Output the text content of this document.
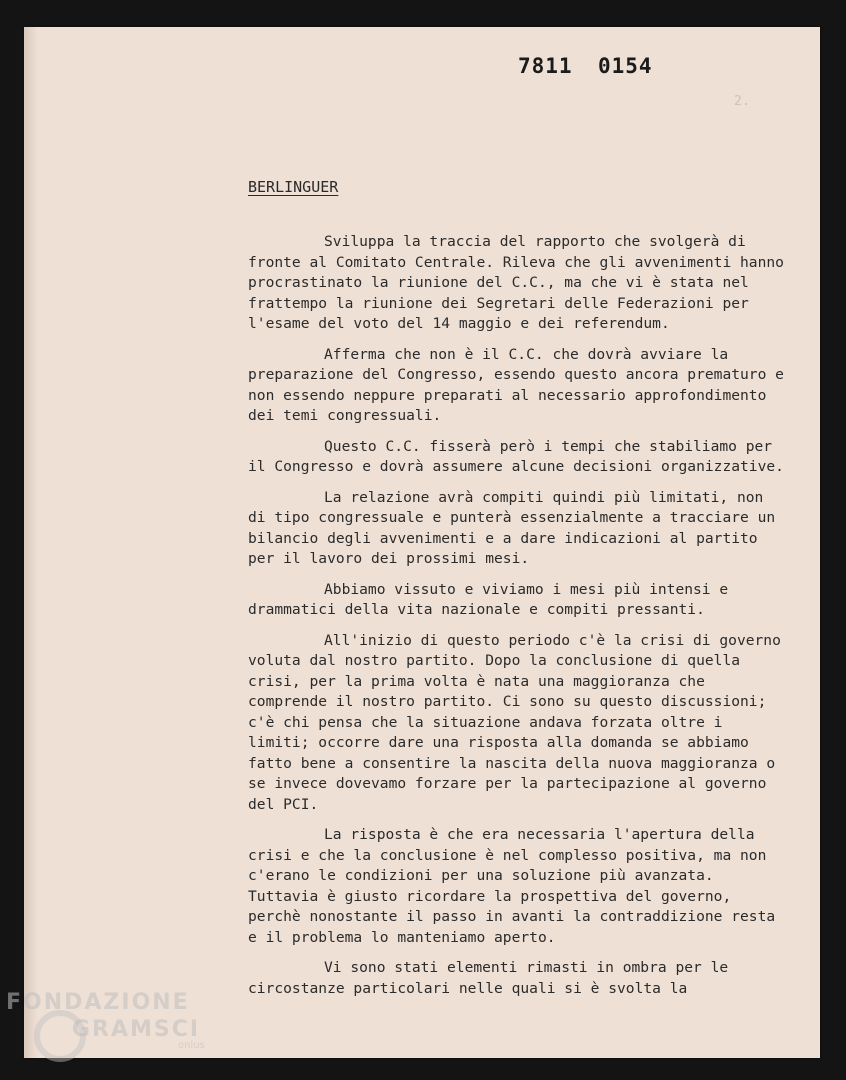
2.
7811 0154
BERLINGUER

Sviluppa la traccia del rapporto che svolgerà di fronte al Comitato Centrale. Rileva che gli avvenimenti hanno procrastinato la riunione del C.C., ma che vi è stata nel frattempo la riunione dei Segretari delle Federazioni per l'esame del voto del 14 maggio e dei referendum.

Afferma che non è il C.C. che dovrà avviare la preparazione del Congresso, essendo questo ancora prematuro e non essendo neppure preparati al necessario approfondimento dei temi congressuali.

Questo C.C. fisserà però i tempi che stabiliamo per il Congresso e dovrà assumere alcune decisioni organizzative.

La relazione avrà compiti quindi più limitati, non di tipo congressuale e punterà essenzialmente a tracciare un bilancio degli avvenimenti e a dare indicazioni al partito per il lavoro dei prossimi mesi.

Abbiamo vissuto e viviamo i mesi più intensi e drammatici della vita nazionale e compiti pressanti.

All'inizio di questo periodo c'è la crisi di governo voluta dal nostro partito. Dopo la conclusione di quella crisi, per la prima volta è nata una maggioranza che comprende il nostro partito. Ci sono su questo discussioni; c'è chi pensa che la situazione andava forzata oltre i limiti; occorre dare una risposta alla domanda se abbiamo fatto bene a consentire la nascita della nuova maggioranza o se invece dovevamo forzare per la partecipazione al governo del PCI.

La risposta è che era necessaria l'apertura della crisi e che la conclusione è nel complesso positiva, ma non c'erano le condizioni per una soluzione più avanzata. Tuttavia è giusto ricordare la prospettiva del governo, perchè nonostante il passo in avanti la contraddizione resta e il problema lo manteniamo aperto.

Vi sono stati elementi rimasti in ombra per le circostanze particolari nelle quali si è svolta la

FONDAZIONE
GRAMSCI
onlus
